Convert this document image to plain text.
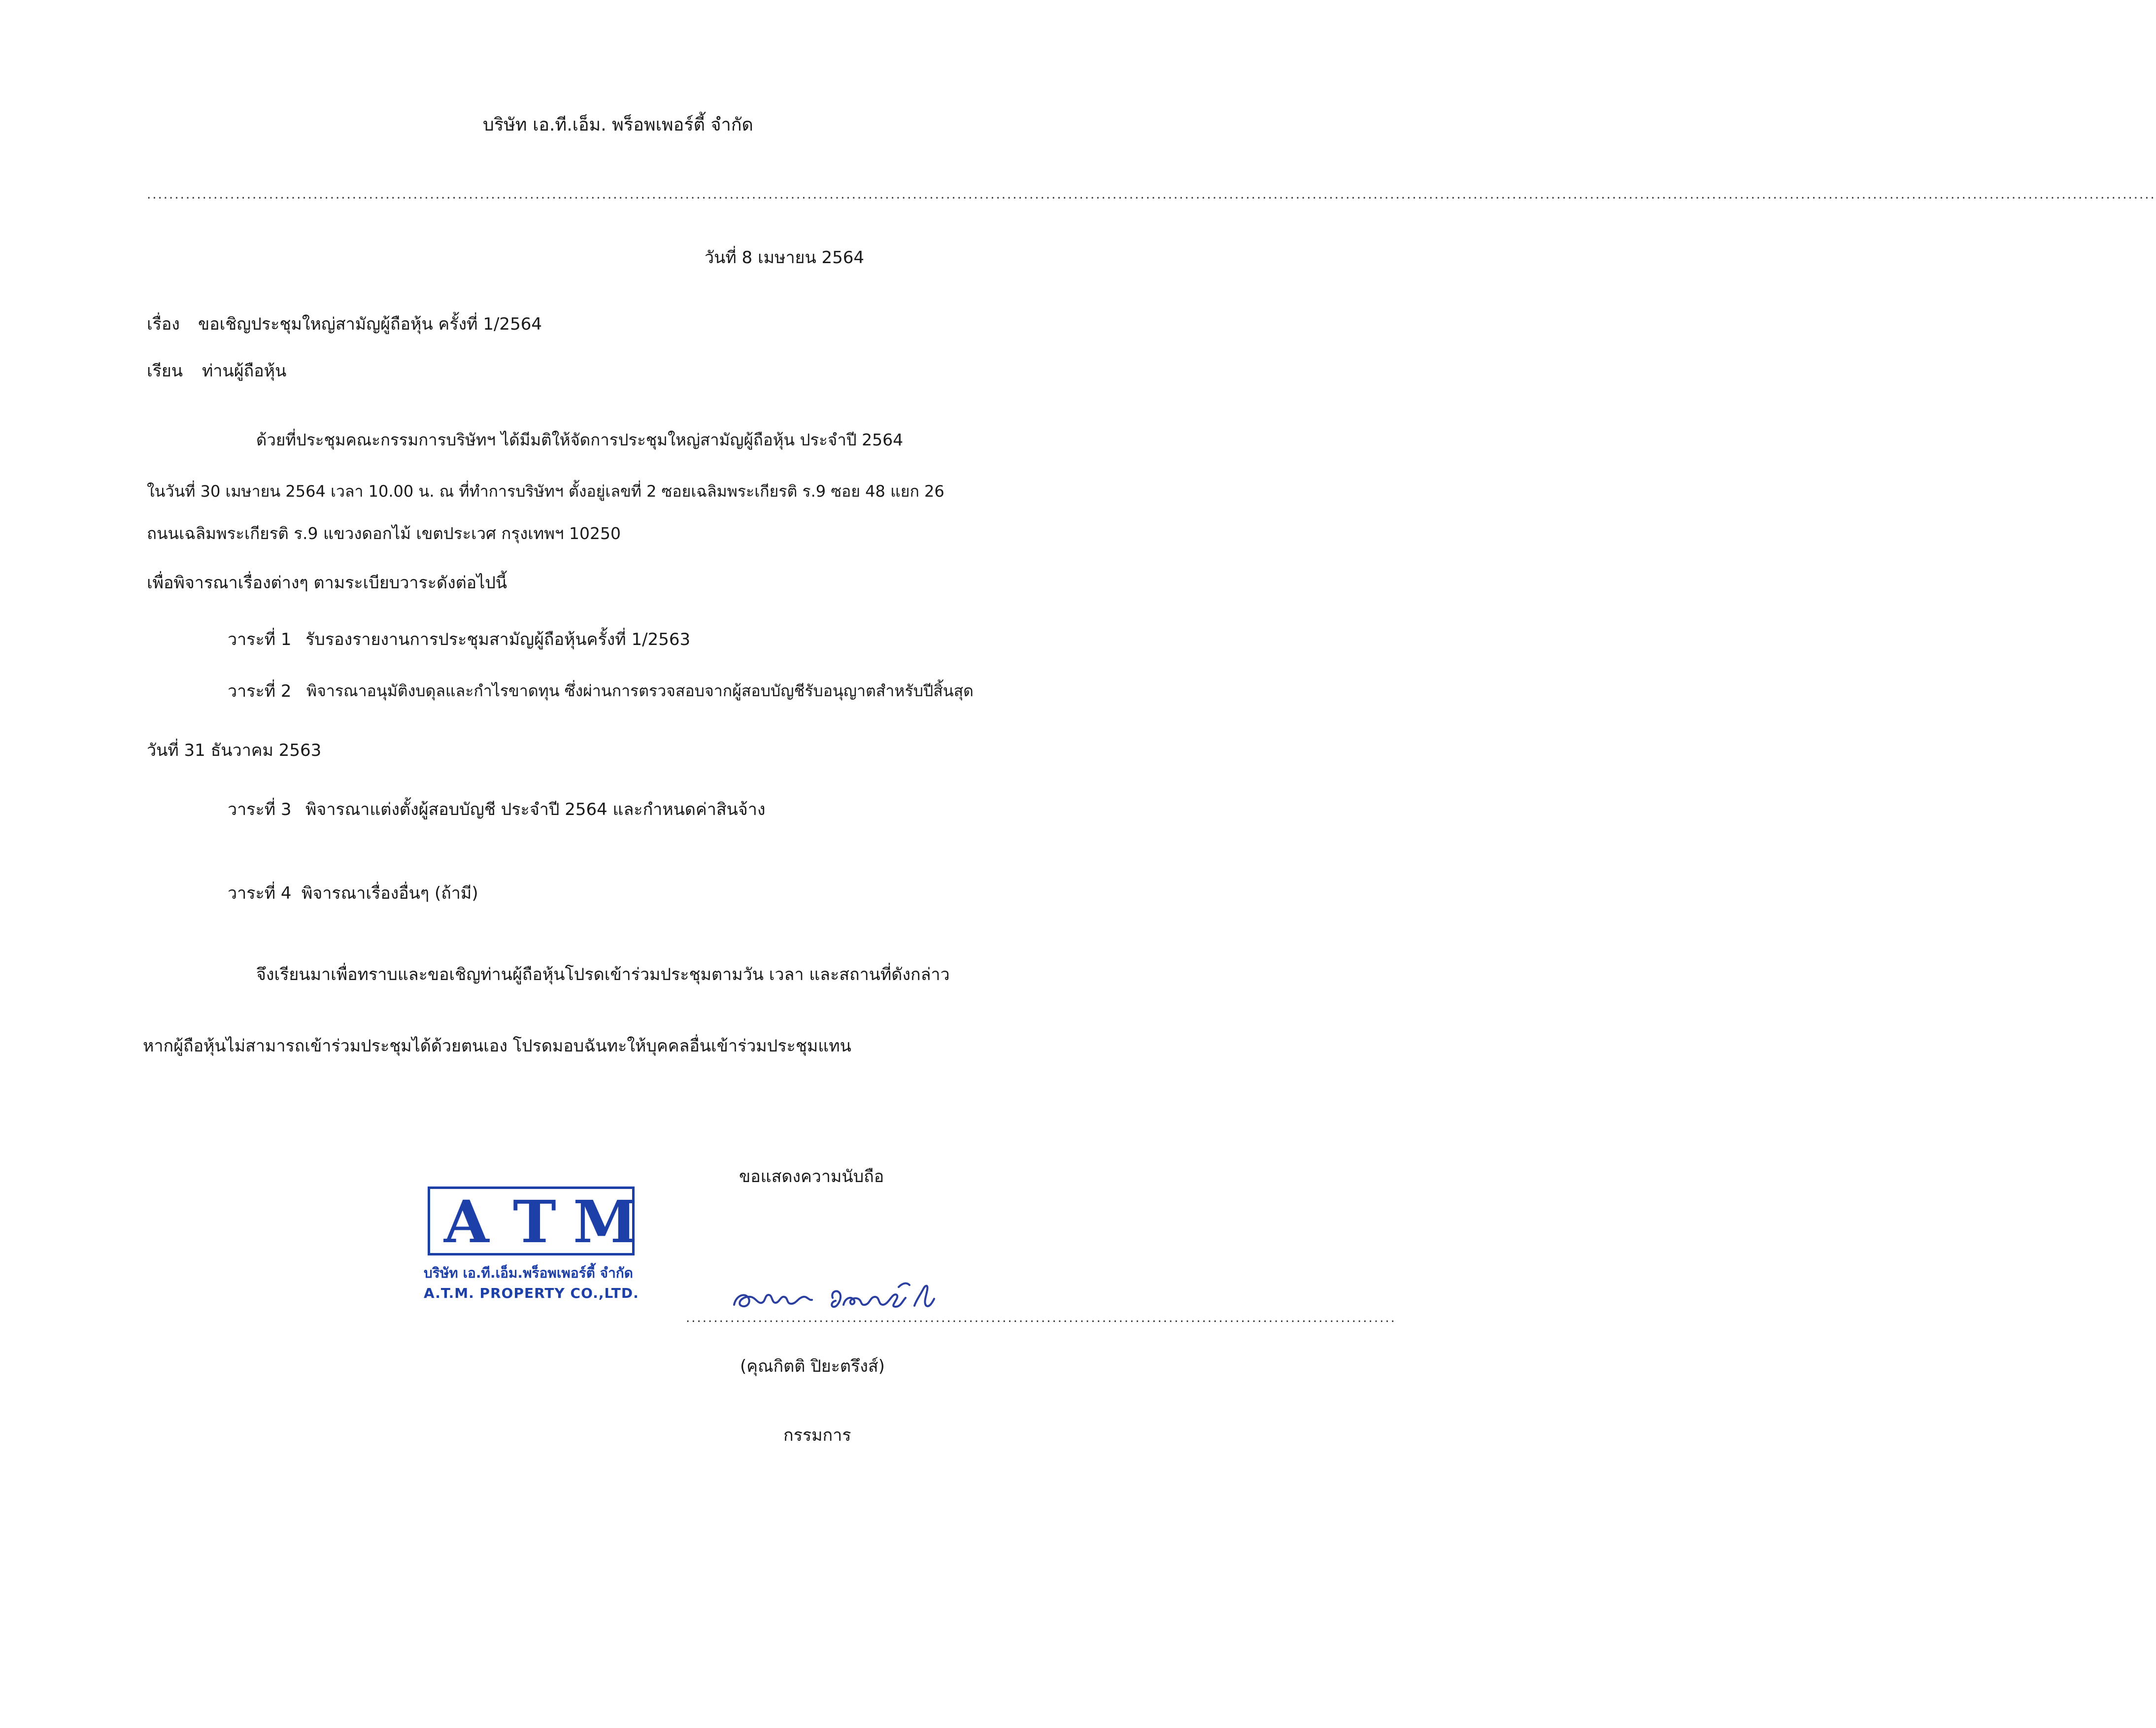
บริษัท เอ.ที.เอ็ม. พร็อพเพอร์ตี้ จำกัด
..........................................................................................................................................................................................................................................................................................................................................................................
วันที่ 8 เมษายน 2564
เรื่อง ขอเชิญประชุมใหญ่สามัญผู้ถือหุ้น ครั้งที่ 1/2564
เรียน ท่านผู้ถือหุ้น
ด้วยที่ประชุมคณะกรรมการบริษัทฯ ได้มีมติให้จัดการประชุมใหญ่สามัญผู้ถือหุ้น ประจำปี 2564
ในวันที่ 30 เมษายน 2564 เวลา 10.00 น. ณ ที่ทำการบริษัทฯ ตั้งอยู่เลขที่ 2 ซอยเฉลิมพระเกียรติ ร.9 ซอย 48 แยก 26
ถนนเฉลิมพระเกียรติ ร.9 แขวงดอกไม้ เขตประเวศ กรุงเทพฯ 10250
เพื่อพิจารณาเรื่องต่างๆ ตามระเบียบวาระดังต่อไปนี้
วาระที่ 1 รับรองรายงานการประชุมสามัญผู้ถือหุ้นครั้งที่ 1/2563
วาระที่ 2 พิจารณาอนุมัติงบดุลและกำไรขาดทุน ซึ่งผ่านการตรวจสอบจากผู้สอบบัญชีรับอนุญาตสำหรับปีสิ้นสุด
วันที่ 31 ธันวาคม 2563
วาระที่ 3 พิจารณาแต่งตั้งผู้สอบบัญชี ประจำปี 2564 และกำหนดค่าสินจ้าง
วาระที่ 4 พิจารณาเรื่องอื่นๆ (ถ้ามี)
จึงเรียนมาเพื่อทราบและขอเชิญท่านผู้ถือหุ้นโปรดเข้าร่วมประชุมตามวัน เวลา และสถานที่ดังกล่าว
หากผู้ถือหุ้นไม่สามารถเข้าร่วมประชุมได้ด้วยตนเอง โปรดมอบฉันทะให้บุคคลอื่นเข้าร่วมประชุมแทน
ขอแสดงความนับถือ
A T M
บริษัท เอ.ที.เอ็ม.พร็อพเพอร์ตี้ จำกัด
A.T.M. PROPERTY CO.,LTD.
................................................................................................................................
(คุณกิตติ ปิยะตรึงส์)
กรรมการ
